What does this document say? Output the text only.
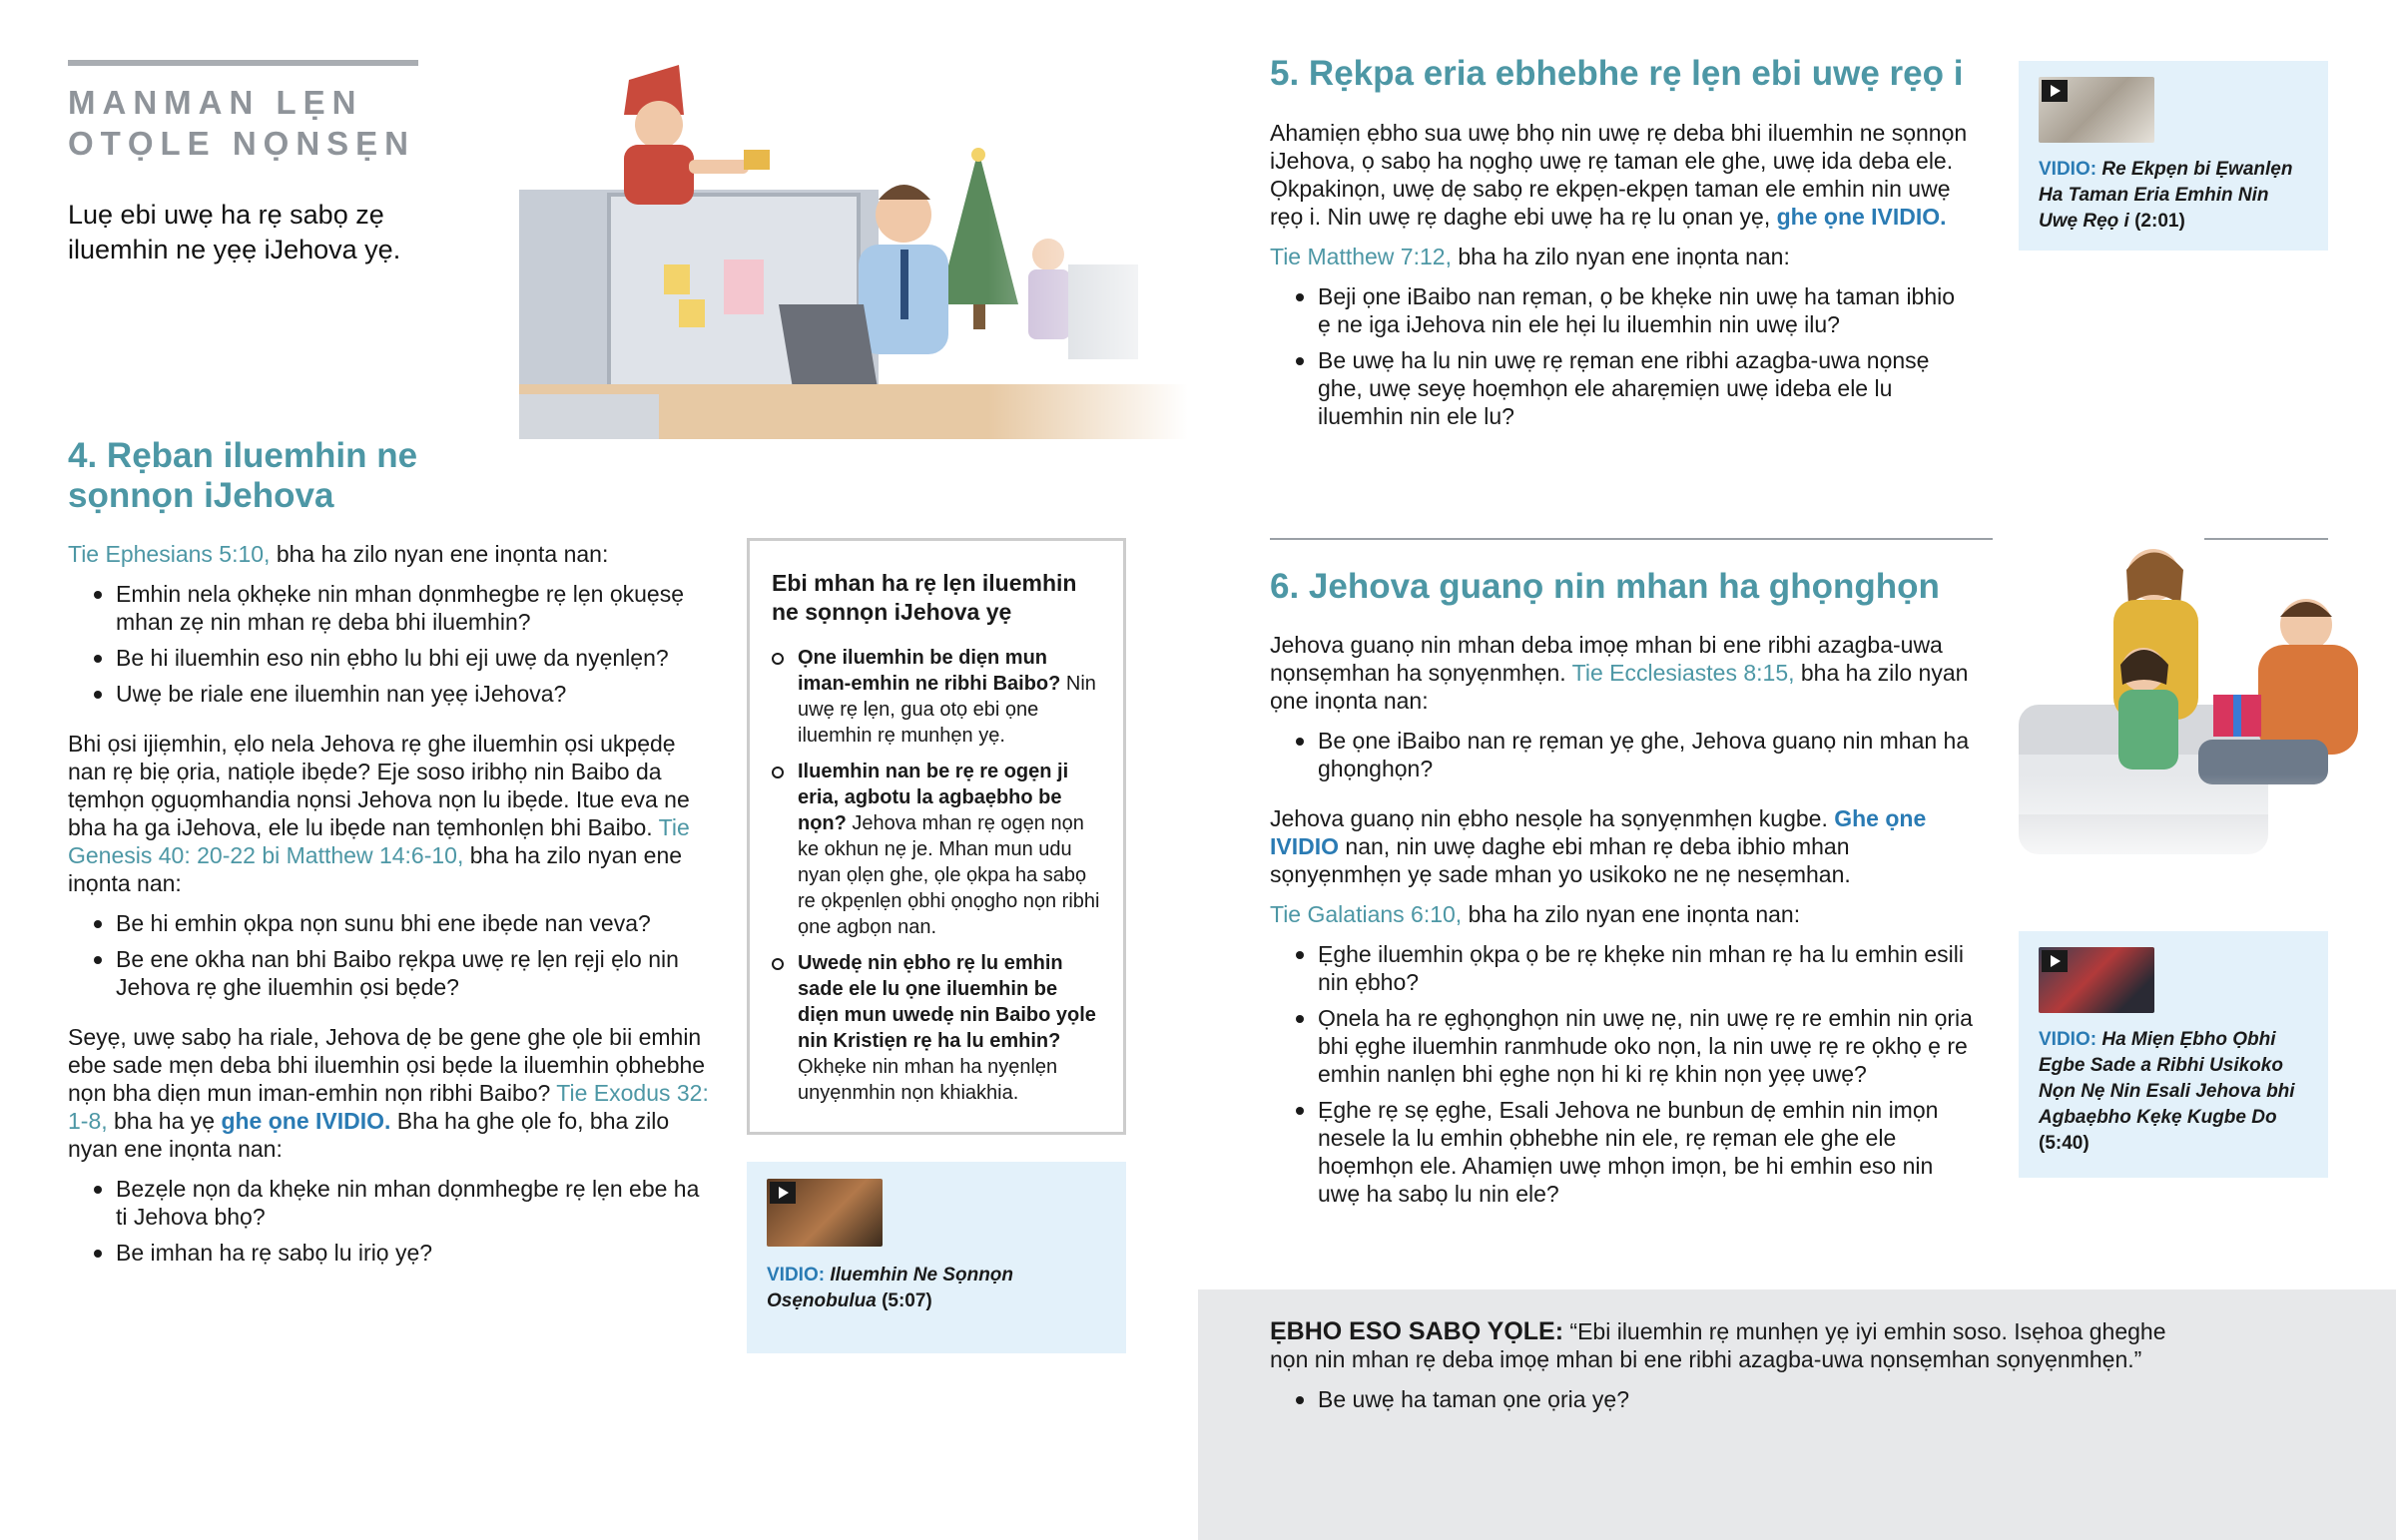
MANMAN LẸN
OTỌLE NỌNSẸN

Luẹ ebi uwẹ ha rẹ sabọ zẹ iluemhin ne yẹẹ iJehova yẹ.

4. Rẹban iluemhin ne sọnnọn iJehova

Tie Ephesians 5:10, bha ha zilo nyan ene inọnta nan:

Emhin nela ọkhẹke nin mhan dọnmhegbe rẹ lẹn ọkuẹsẹ mhan zẹ nin mhan rẹ deba bhi iluemhin?
Be hi iluemhin eso nin ẹbho lu bhi eji uwẹ da nyẹnlẹn?
Uwẹ be riale ene iluemhin nan yẹẹ iJehova?

Bhi ọsi ijiẹmhin, ẹlo nela Jehova rẹ ghe iluemhin ọsi ukpẹdẹ nan rẹ biẹ ọria, natiọle ibẹde? Eje soso iribhọ nin Baibo da tẹmhọn ọguọmhandia nọnsi Jehova nọn lu ibẹde. Itue eva ne bha ha ga iJehova, ele lu ibẹde nan tẹmhonlẹn bhi Baibo. Tie Genesis 40: 20-22 bi Matthew 14:6-10, bha ha zilo nyan ene inọnta nan:

Be hi emhin ọkpa nọn sunu bhi ene ibẹde nan veva?
Be ene okha nan bhi Baibo rẹkpa uwẹ rẹ lẹn rẹji ẹlo nin Jehova rẹ ghe iluemhin ọsi bẹde?

Seyẹ, uwẹ sabọ ha riale, Jehova dẹ be gene ghe ọle bii emhin ebe sade mẹn deba bhi iluemhin ọsi bẹde la iluemhin ọbhebhe nọn bha diẹn mun iman-emhin nọn ribhi Baibo? Tie Exodus 32: 1-8, bha ha yẹ ghe ọne IVIDIO. Bha ha ghe ọle fo, bha zilo nyan ene inọnta nan:

Bezẹle nọn da khẹke nin mhan dọnmhegbe rẹ lẹn ebe ha ti Jehova bhọ?
Be imhan ha rẹ sabọ lu iriọ yẹ?

Ebi mhan ha rẹ lẹn iluemhin ne sọnnọn iJehova yẹ

Ọne iluemhin be diẹn mun iman-emhin ne ribhi Baibo? Nin uwẹ rẹ lẹn, gua otọ ebi ọne iluemhin rẹ munhẹn yẹ.
Iluemhin nan be rẹ re ogẹn ji eria, agbotu la agbaẹbho be nọn? Jehova mhan rẹ ogẹn nọn ke okhun nẹ je. Mhan mun udu nyan ọlẹn ghe, ọle ọkpa ha sabọ re ọkpẹnlẹn ọbhi ọnọgho nọn ribhi ọne agbọn nan.
Uwedẹ nin ẹbho rẹ lu emhin sade ele lu ọne iluemhin be diẹn mun uwedẹ nin Baibo yọle nin Kristiẹn rẹ ha lu emhin? Ọkhẹke nin mhan ha nyẹnlẹn unyẹnmhin nọn khiakhia.
VIDIO: Iluemhin Ne Sọnnọn Osẹnobulua (5:07)
5. Rẹkpa eria ebhebhe rẹ lẹn ebi uwẹ rẹọ i

Ahamiẹn ẹbho sua uwẹ bhọ nin uwẹ rẹ deba bhi iluemhin ne sọnnọn iJehova, ọ sabọ ha nọghọ uwẹ rẹ taman ele ghe, uwẹ ida deba ele. Ọkpakinọn, uwẹ dẹ sabọ re ekpẹn-ekpẹn taman ele emhin nin uwẹ rẹọ i. Nin uwẹ rẹ daghe ebi uwẹ ha rẹ lu ọnan yẹ, ghe ọne IVIDIO.

Tie Matthew 7:12, bha ha zilo nyan ene inọnta nan:

Beji ọne iBaibo nan rẹman, ọ be khẹke nin uwẹ ha taman ibhio ẹ ne iga iJehova nin ele hẹi lu iluemhin nin uwẹ ilu?
Be uwẹ ha lu nin uwẹ rẹ rẹman ene ribhi azagba-uwa nọnsẹ ghe, uwẹ seyẹ hoẹmhọn ele aharẹmiẹn uwẹ ideba ele lu iluemhin nin ele lu?
VIDIO: Re Ekpẹn bi Ẹwanlẹn Ha Taman Eria Emhin Nin Uwẹ Rẹọ i (2:01)
6. Jehova guanọ nin mhan ha ghọnghọn

Jehova guanọ nin mhan deba imọẹ mhan bi ene ribhi azagba-uwa nọnsẹmhan ha sọnyẹnmhẹn. Tie Ecclesiastes 8:15, bha ha zilo nyan ọne inọnta nan:

Be ọne iBaibo nan rẹ rẹman yẹ ghe, Jehova guanọ nin mhan ha ghọnghọn?

Jehova guanọ nin ẹbho nesọle ha sọnyẹnmhẹn kugbe. Ghe ọne IVIDIO nan, nin uwẹ daghe ebi mhan rẹ deba ibhio mhan sọnyẹnmhẹn yẹ sade mhan yo usikoko ne nẹ nesẹmhan.

Tie Galatians 6:10, bha ha zilo nyan ene inọnta nan:

Ẹghe iluemhin ọkpa ọ be rẹ khẹke nin mhan rẹ ha lu emhin esili nin ẹbho?
Ọnela ha re ẹghọnghọn nin uwẹ nẹ, nin uwẹ rẹ re emhin nin ọria bhi ẹghe iluemhin ranmhude oko nọn, la nin uwẹ rẹ re ọkhọ ẹ re emhin nanlẹn bhi ẹghe nọn hi ki rẹ khin nọn yẹẹ uwẹ?
Ẹghe rẹ sẹ ẹghe, Esali Jehova ne bunbun dẹ emhin nin imọn nesele la lu emhin ọbhebhe nin ele, rẹ rẹman ele ghe ele hoẹmhọn ele. Ahamiẹn uwẹ mhọn imọn, be hi emhin eso nin uwẹ ha sabọ lu nin ele?
VIDIO: Ha Miẹn Ẹbho Ọbhi Egbe Sade a Ribhi Usikoko Nọn Nẹ Nin Esali Jehova bhi Agbaẹbho Kẹkẹ Kugbe Do (5:40)

ẸBHO ESO SABỌ YỌLE: “Ebi iluemhin rẹ munhẹn yẹ iyi emhin soso. Isẹhoa gheghe nọn nin mhan rẹ deba imọẹ mhan bi ene ribhi azagba-uwa nọnsẹmhan sọnyẹnmhẹn.”

Be uwẹ ha taman ọne ọria yẹ?
